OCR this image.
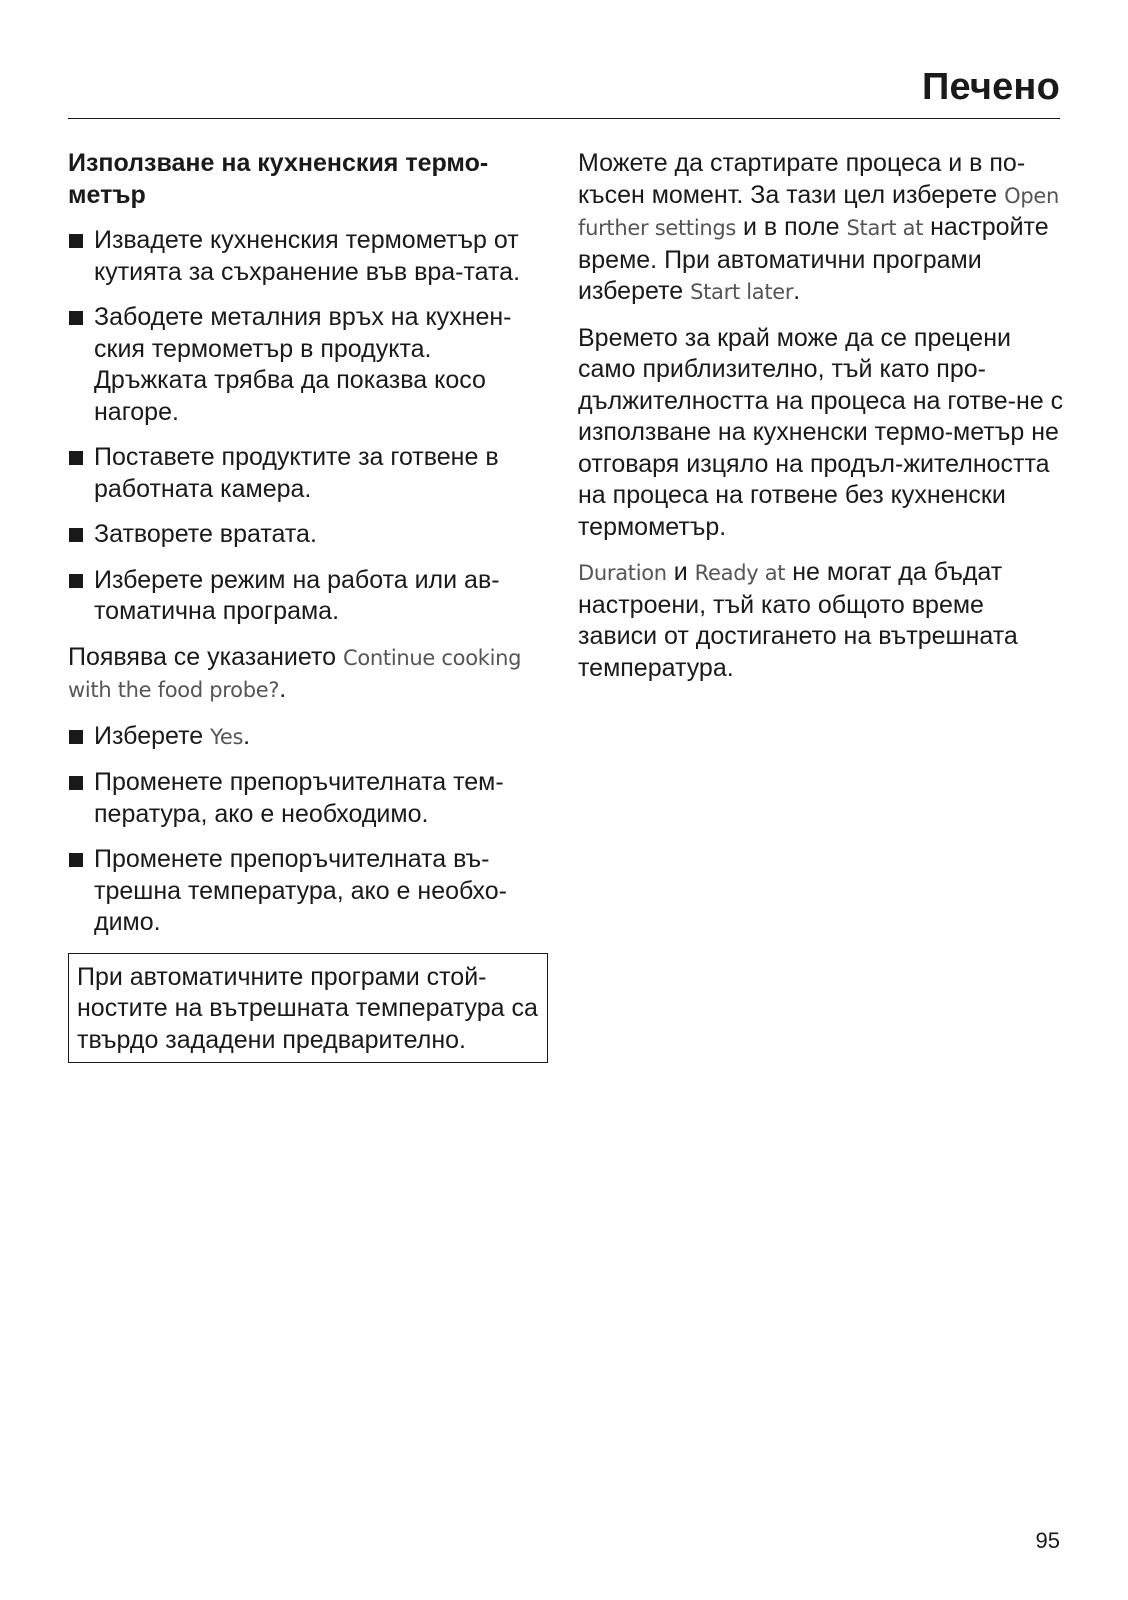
Печено
Използване на кухненския термо-метър
Извадете кухненския термометър от кутията за съхранение във вра-тата.
Забодете металния връх на кухнен-ския термометър в продукта. Дръжката трябва да показва косо нагоре.
Поставете продуктите за готвене в работната камера.
Затворете вратата.
Изберете режим на работа или ав-томатична програма.

Появява се указанието Continue cooking with the food probe?.

Изберете Yes.
Променете препоръчителната тем-пература, ако е необходимо.
Променете препоръчителната въ-трешна температура, ако е необхо-димо.
При автоматичните програми стой-ностите на вътрешната температура са твърдо зададени предварително.

Можете да стартирате процеса и в по-късен момент. За тази цел изберете Open further settings и в поле Start at настройте време. При автоматични програми изберете Start later.

Времето за край може да се прецени само приблизително, тъй като про-дължителността на процеса на готве-не с използване на кухненски термо-метър не отговаря изцяло на продъл-жителността на процеса на готвене без кухненски термометър.

Duration и Ready at не могат да бъдат настроени, тъй като общото време зависи от достигането на вътрешната температура.

95
